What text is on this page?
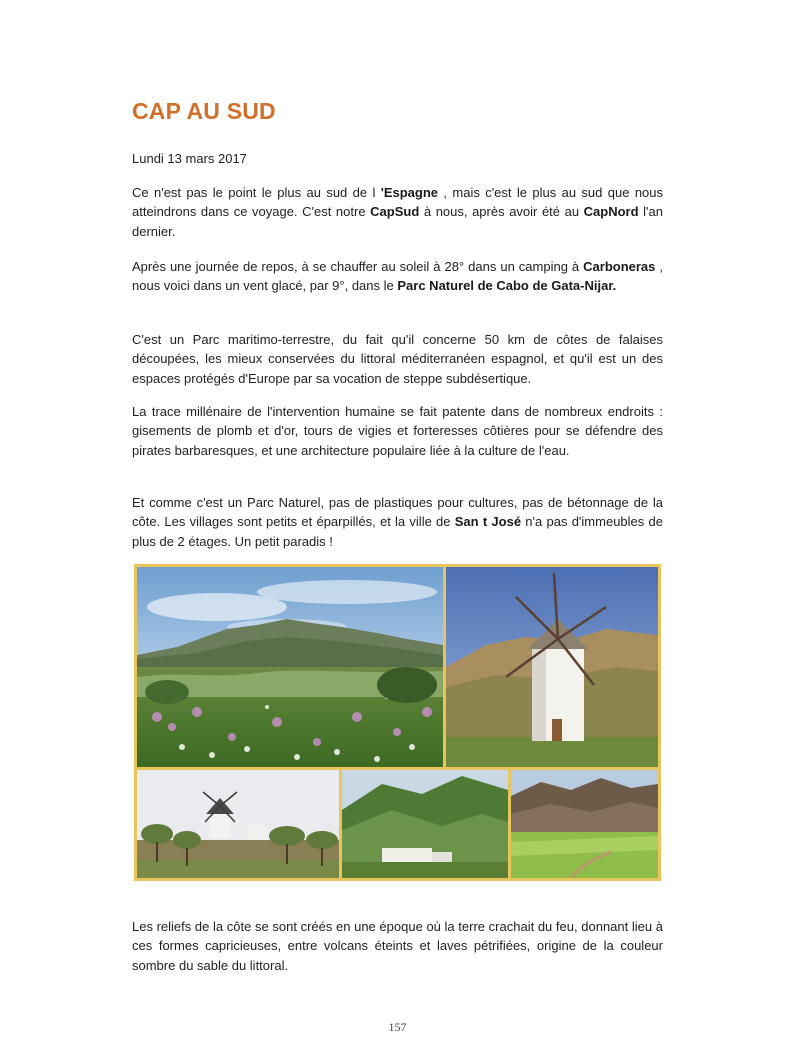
CAP AU SUD

Lundi 13 mars 2017

Ce n'est pas le point le plus au sud de l 'Espagne , mais c'est le plus au sud que nous atteindrons dans ce voyage. C'est notre CapSud à nous, après avoir été au CapNord l'an dernier.

Après une journée de repos, à se chauffer au soleil à 28° dans un camping à Carboneras , nous voici dans un vent glacé, par 9°, dans le Parc Naturel de Cabo de Gata-Nijar.

C'est un Parc maritimo-terrestre, du fait qu'il concerne 50 km de côtes de falaises découpées, les mieux conservées du littoral méditerranéen espagnol, et qu'il est un des espaces protégés d'Europe par sa vocation de steppe subdésertique.

La trace millénaire de l'intervention humaine se fait patente dans de nombreux endroits : gisements de plomb et d'or, tours de vigies et forteresses côtières pour se défendre des pirates barbaresques, et une architecture populaire liée à la culture de l'eau.

Et comme c'est un Parc Naturel, pas de plastiques pour cultures, pas de bétonnage de la côte. Les villages sont petits et éparpillés, et la ville de San t José n'a pas d'immeubles de plus de 2 étages. Un petit paradis !

Les reliefs de la côte se sont créés en une époque où la terre crachait du feu, donnant lieu à ces formes capricieuses, entre volcans éteints et laves pétrifiées, origine de la couleur sombre du sable du littoral.

157
